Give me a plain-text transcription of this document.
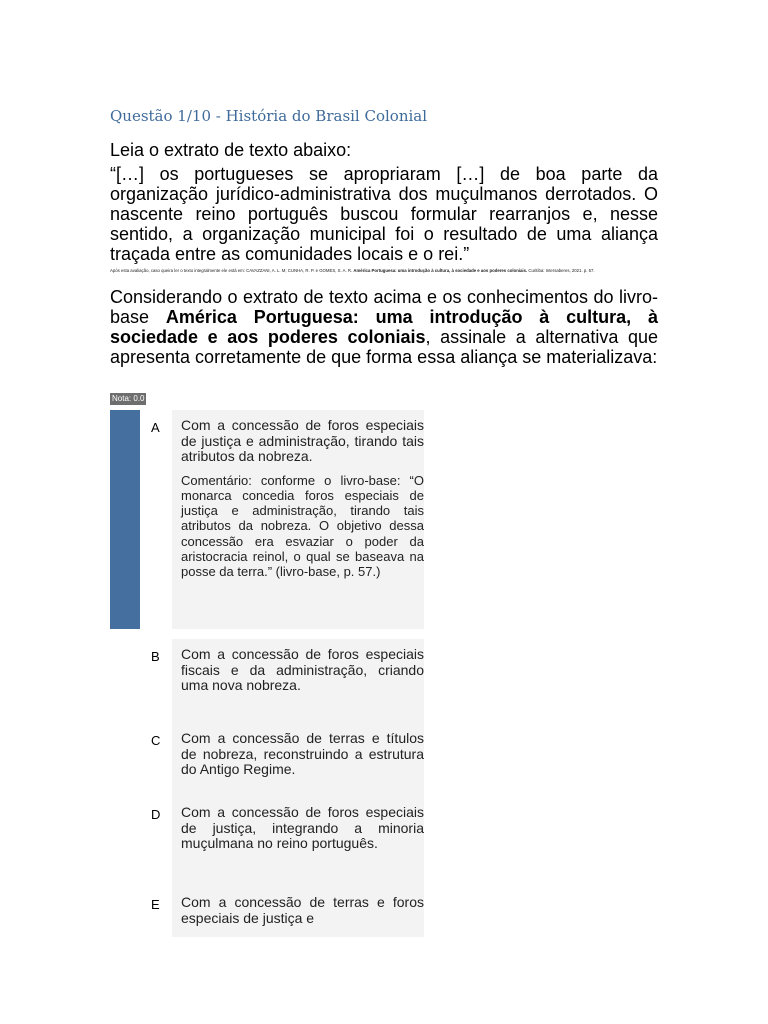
Questão 1/10 - História do Brasil Colonial
Leia o extrato de texto abaixo:
“[…] os portugueses se apropriaram […] de boa parte da organização jurídico-administrativa dos muçulmanos derrotados. O nascente reino português buscou formular rearranjos e, nesse sentido, a organização municipal foi o resultado de uma aliança traçada entre as comunidades locais e o rei.”
Após esta avaliação, caso queira ler o texto integralmente ele está em: CAVAZZANI, A. L. M; CUNHA, R. P. e GOMES, S. A. R. América Portuguesa: uma introdução à cultura, à sociedade e aos poderes coloniais. Curitiba: Intersaberes, 2021. p. 57.
Considerando o extrato de texto acima e os conhecimentos do livro-base América Portuguesa: uma introdução à cultura, à sociedade e aos poderes coloniais, assinale a alternativa que apresenta corretamente de que forma essa aliança se materializava:
Nota: 0.0
A	Com a concessão de foros especiais de justiça e administração, tirando tais atributos da nobreza.
Comentário: conforme o livro-base: “O monarca concedia foros especiais de justiça e administração, tirando tais atributos da nobreza. O objetivo dessa concessão era esvaziar o poder da aristocracia reinol, o qual se baseava na posse da terra.” (livro-base, p. 57.)
B	Com a concessão de foros especiais fiscais e da administração, criando uma nova nobreza.
C	Com a concessão de terras e títulos de nobreza, reconstruindo a estrutura do Antigo Regime.
D	Com a concessão de foros especiais de justiça, integrando a minoria muçulmana no reino português.
E	Com a concessão de terras e foros especiais de justiça e
